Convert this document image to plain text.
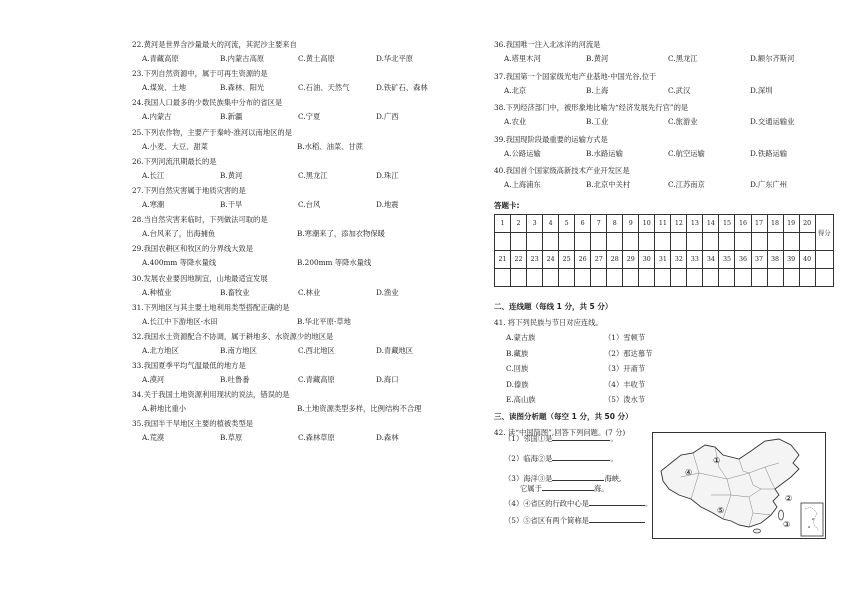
22.黄河是世界含沙量最大的河流，其泥沙主要来自

A.青藏高原	B.内蒙古高原	C.黄土高原	D.华北平原

23.下列自然资源中，属于可再生资源的是

A.煤炭、土地	B.森林、阳光	C.石油、天然气	D.铁矿石、森林

24.我国人口最多的少数民族集中分布的省区是

A.内蒙古	B.新疆	C.宁夏	D.广西

25.下列农作物，主要产于秦岭-淮河以南地区的是

A.小麦、大豆、甜菜	B.水稻、油菜、甘蔗

26.下列河流汛期最长的是

A.长江	B.黄河	C.黑龙江	D.珠江

27.下列自然灾害属于地质灾害的是

A.寒潮	B.干旱	C.台风	D.地震

28.当自然灾害来临时，下列做法可取的是

A.台风来了，出海捕鱼	B.寒潮来了，添加衣物保暖

29.我国农耕区和牧区的分界线大致是

A.400mm 等降水量线	B.200mm 等降水量线

30.发展农业要因地制宜，山地最适宜发展

A.种植业	B.畜牧业	C.林业	D.渔业

31.下列地区与其主要土地利用类型搭配正确的是

A.长江中下游地区-水田	B.华北平原-草地

32.我国水土资源配合不协调，属于耕地多、水资源少的地区是

A.北方地区	B.南方地区	C.西北地区	D.青藏地区

33.我国夏季平均气温最低的地方是

A.漠河	B.吐鲁番	C.青藏高原	D.海口

34.关于我国土地资源利用现状的说法，错误的是

A.耕地比重小	B.土地资源类型多样，比例结构不合理

35.我国半干旱地区主要的植被类型是

A.荒漠	B.草原	C.森林草原	D.森林

36.我国唯一注入北冰洋的河流是

A.塔里木河	B.黄河	C.黑龙江	D.额尔齐斯河

37.我国第一个国家级光电产业基地-中国光谷,位于

A.北京	B.上海	C.武汉	D.深圳

38.下列经济部门中，被形象地比喻为“经济发展先行官”的是

A.农业	B.工业	C.旅游业	D.交通运输业

39.我国现阶段最重要的运输方式是

A.公路运输	B.水路运输	C.航空运输	D.铁路运输

40.我国首个国家级高新技术产业开发区是

A.上海浦东	B.北京中关村	C.江苏南京	D.广东广州

答题卡:

1	2	3	4	5	6	7	8	9	10	11	12	13	14	15	16	17	18	19	20	得分

21	22	23	24	25	26	27	28	29	30	31	32	33	34	35	36	37	38	39	40	

二、连线题（每线 1 分，共 5 分）

41. 将下列民族与节日对应连线。

A.蒙古族	（1）雪顿节
B.藏族	（2）那达慕节
C.回族	（3）开斋节
D.傣族	（4）丰收节
E.高山族	（5）泼水节

三、读图分析题（每空 1 分，共 50 分）

42. 读“中国简图”,回答下列问题。(7 分)

（1）邻国①是	。
（2）临海②是	。
（3）海洋③是	海峡,
它属于	海。
（4）④省区的行政中心是	。
（5）⑤省区有两个简称是
④
①
②
③
⑤
